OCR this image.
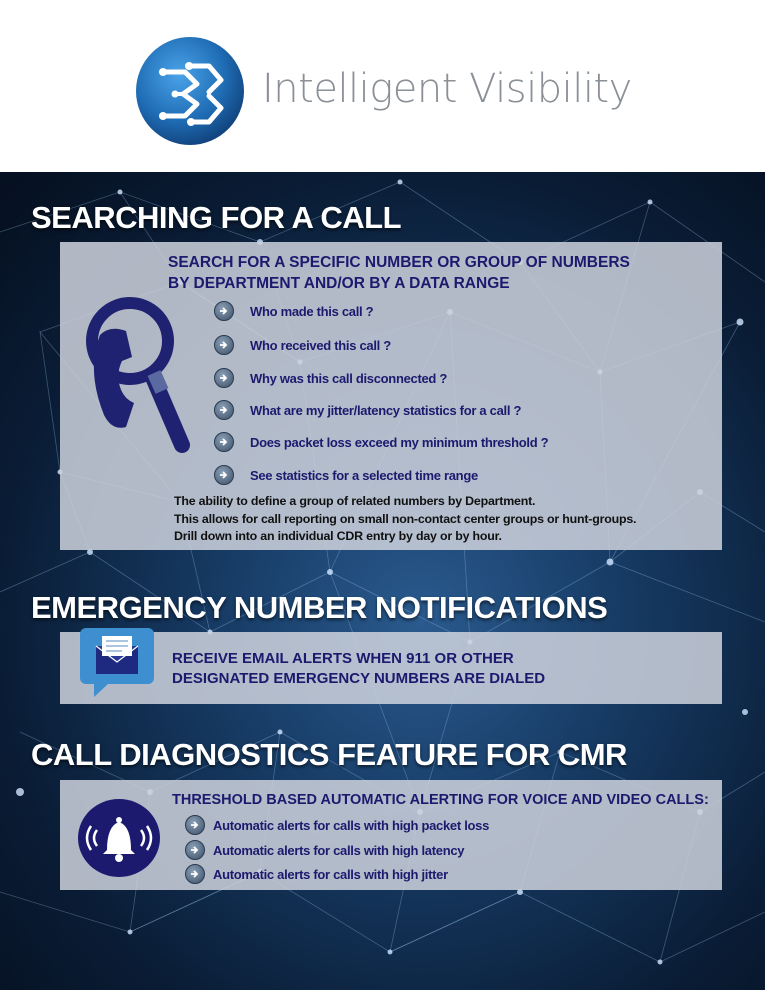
Intelligent Visibility
SEARCHING FOR A CALL
SEARCH FOR A SPECIFIC NUMBER OR GROUP OF NUMBERS
BY DEPARTMENT AND/OR BY A DATA RANGE
Who made this call ?
Who received this call ?
Why was this call disconnected ?
What are my jitter/latency statistics for a call ?
Does packet loss exceed my minimum threshold ?
See statistics for a selected time range
The ability to define a group of related numbers by Department.
This allows for call reporting on small non-contact center groups or hunt-groups.
Drill down into an individual CDR entry by day or by hour.
EMERGENCY NUMBER NOTIFICATIONS
RECEIVE EMAIL ALERTS WHEN 911 OR OTHER
DESIGNATED EMERGENCY NUMBERS ARE DIALED
CALL DIAGNOSTICS FEATURE FOR CMR
THRESHOLD BASED AUTOMATIC ALERTING FOR VOICE AND VIDEO CALLS:
Automatic alerts for calls with high packet loss
Automatic alerts for calls with high latency
Automatic alerts for calls with high jitter
